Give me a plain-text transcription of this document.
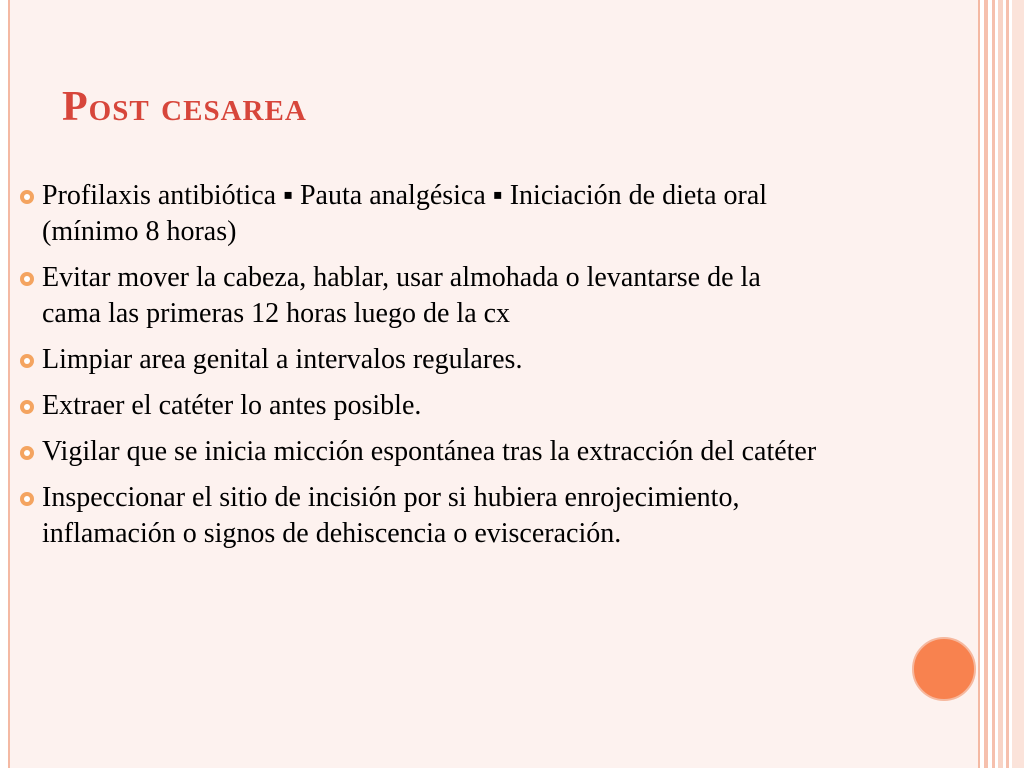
Post cesarea
Profilaxis antibiótica ▪ Pauta analgésica ▪ Iniciación de dieta oral (mínimo 8 horas)
Evitar mover la cabeza, hablar, usar almohada o levantarse de la cama las primeras 12 horas luego de la cx
Limpiar area genital a intervalos regulares.
Extraer el catéter lo antes posible.
Vigilar que se inicia micción espontánea tras la extracción del catéter
Inspeccionar el sitio de incisión por si hubiera enrojecimiento, inflamación o signos de dehiscencia o evisceración.
